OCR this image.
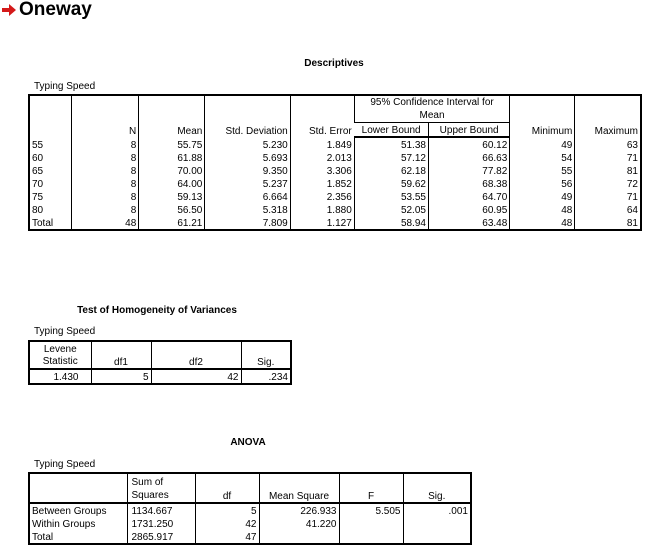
Oneway
Descriptives
Typing Speed
	N	Mean	Std. Deviation	Std. Error	95% Confidence Interval for Mean		Minimum	Maximum
					Lower Bound	Upper Bound		
55	8	55.75	5.230	1.849	51.38	60.12	49	63
60	8	61.88	5.693	2.013	57.12	66.63	54	71
65	8	70.00	9.350	3.306	62.18	77.82	55	81
70	8	64.00	5.237	1.852	59.62	68.38	56	72
75	8	59.13	6.664	2.356	53.55	64.70	49	71
80	8	56.50	5.318	1.880	52.05	60.95	48	64
Total	48	61.21	7.809	1.127	58.94	63.48	48	81
Test of Homogeneity of Variances
Typing Speed
Levene Statistic	df1	df2	Sig.
1.430	5	42	.234
ANOVA
Typing Speed
	Sum of Squares	df	Mean Square	F	Sig.
Between Groups	1134.667	5	226.933	5.505	.001
Within Groups	1731.250	42	41.220		
Total	2865.917	47			
